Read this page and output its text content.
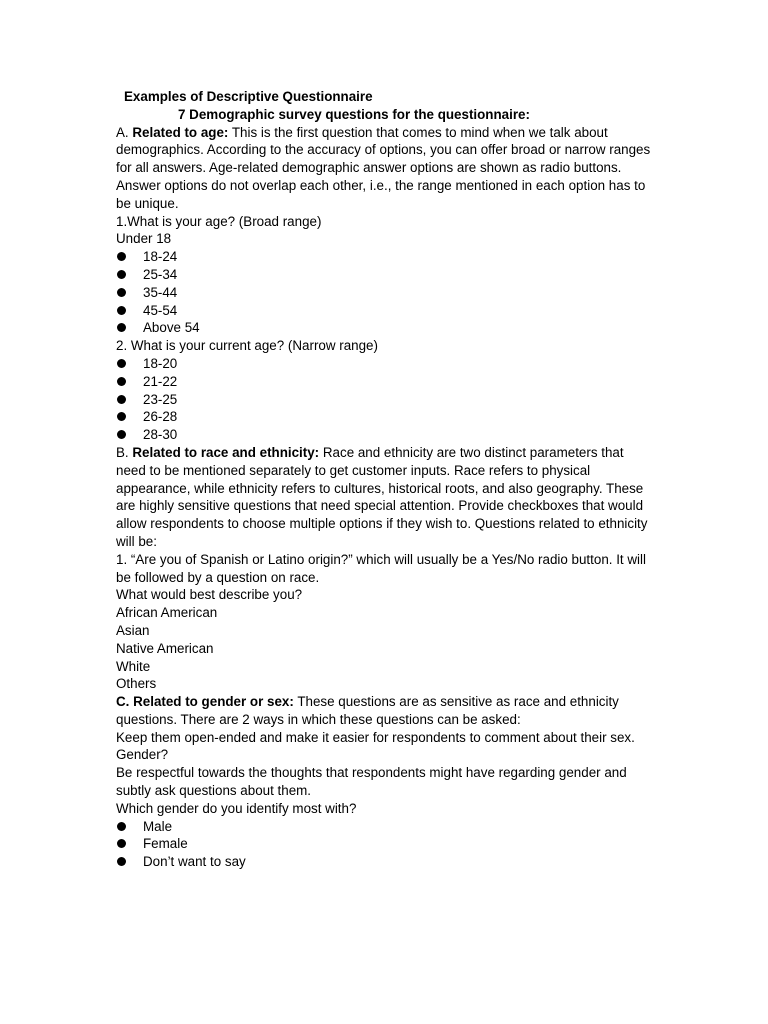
Examples of Descriptive Questionnaire
7 Demographic survey questions for the questionnaire:

A. Related to age: This is the first question that comes to mind when we talk about demographics. According to the accuracy of options, you can offer broad or narrow ranges for all answers. Age-related demographic answer options are shown as radio buttons. Answer options do not overlap each other, i.e., the range mentioned in each option has to be unique.

1.What is your age? (Broad range)

Under 18

18-24
25-34
35-44
45-54
Above 54

2. What is your current age? (Narrow range)

18-20
21-22
23-25
26-28
28-30

B. Related to race and ethnicity: Race and ethnicity are two distinct parameters that need to be mentioned separately to get customer inputs. Race refers to physical appearance, while ethnicity refers to cultures, historical roots, and also geography. These are highly sensitive questions that need special attention. Provide checkboxes that would allow respondents to choose multiple options if they wish to. Questions related to ethnicity will be:

1. “Are you of Spanish or Latino origin?” which will usually be a Yes/No radio button. It will be followed by a question on race.

What would best describe you?

African American

Asian

Native American

White

Others

C. Related to gender or sex: These questions are as sensitive as race and ethnicity questions. There are 2 ways in which these questions can be asked:

Keep them open-ended and make it easier for respondents to comment about their sex.

Gender?

Be respectful towards the thoughts that respondents might have regarding gender and subtly ask questions about them.

Which gender do you identify most with?

Male
Female
Don’t want to say
